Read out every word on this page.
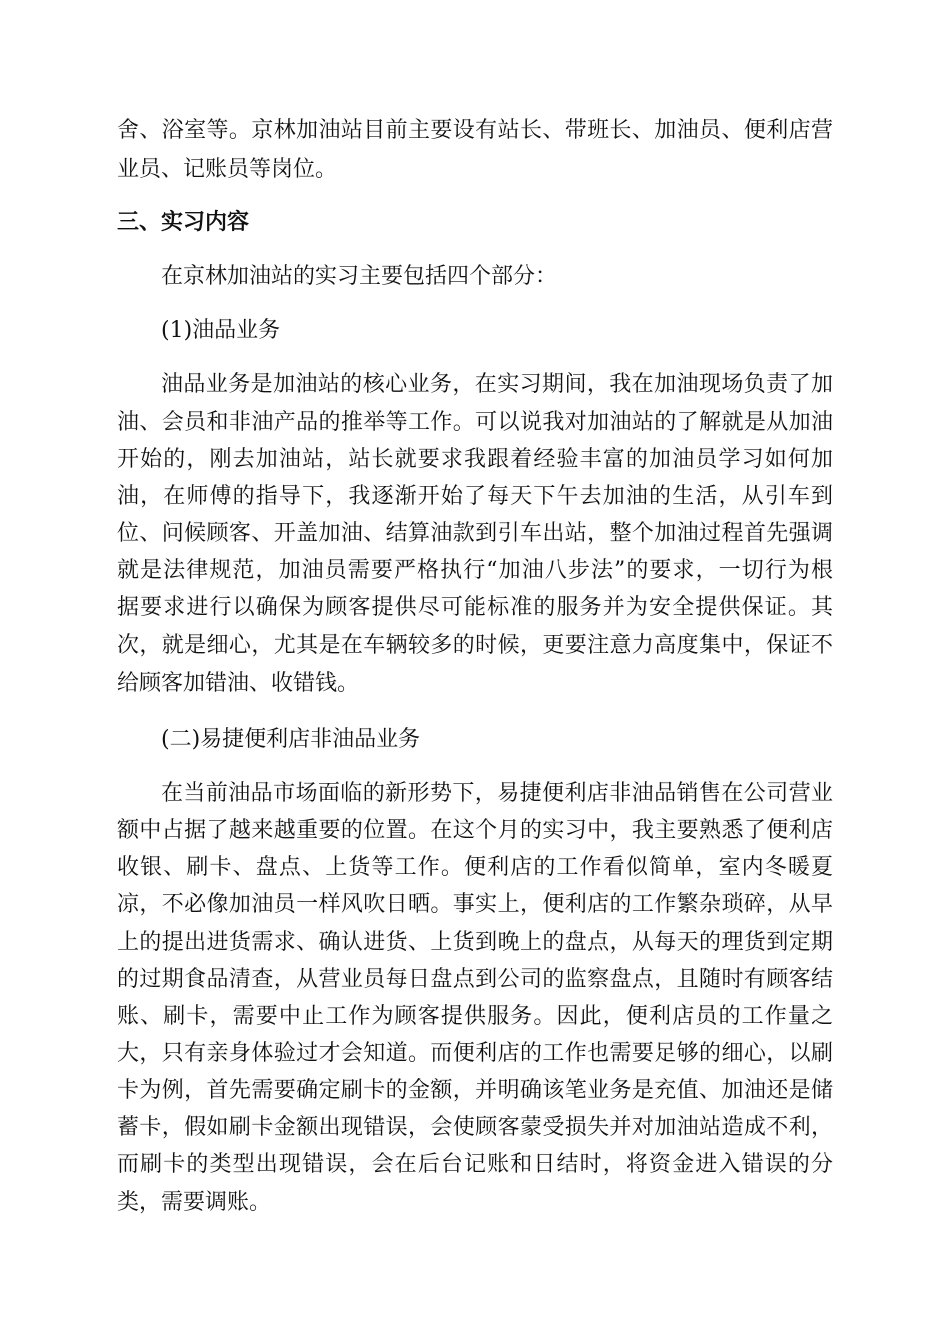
舍、浴室等。京林加油站目前主要设有站长、带班长、加油员、便利店营
业员、记账员等岗位。
三、实习内容
在京林加油站的实习主要包括四个部分：
(1)油品业务
油品业务是加油站的核心业务，在实习期间，我在加油现场负责了加
油、会员和非油产品的推举等工作。可以说我对加油站的了解就是从加油
开始的，刚去加油站，站长就要求我跟着经验丰富的加油员学习如何加
油，在师傅的指导下，我逐渐开始了每天下午去加油的生活，从引车到
位、问候顾客、开盖加油、结算油款到引车出站，整个加油过程首先强调
就是法律规范，加油员需要严格执行“加油八步法”的要求，一切行为根
据要求进行以确保为顾客提供尽可能标准的服务并为安全提供保证。其
次，就是细心，尤其是在车辆较多的时候，更要注意力高度集中，保证不
给顾客加错油、收错钱。
(二)易捷便利店非油品业务
在当前油品市场面临的新形势下，易捷便利店非油品销售在公司营业
额中占据了越来越重要的位置。在这个月的实习中，我主要熟悉了便利店
收银、刷卡、盘点、上货等工作。便利店的工作看似简单，室内冬暖夏
凉，不必像加油员一样风吹日晒。事实上，便利店的工作繁杂琐碎，从早
上的提出进货需求、确认进货、上货到晚上的盘点，从每天的理货到定期
的过期食品清查，从营业员每日盘点到公司的监察盘点，且随时有顾客结
账、刷卡，需要中止工作为顾客提供服务。因此，便利店员的工作量之
大，只有亲身体验过才会知道。而便利店的工作也需要足够的细心，以刷
卡为例，首先需要确定刷卡的金额，并明确该笔业务是充值、加油还是储
蓄卡，假如刷卡金额出现错误，会使顾客蒙受损失并对加油站造成不利，
而刷卡的类型出现错误，会在后台记账和日结时，将资金进入错误的分
类，需要调账。
